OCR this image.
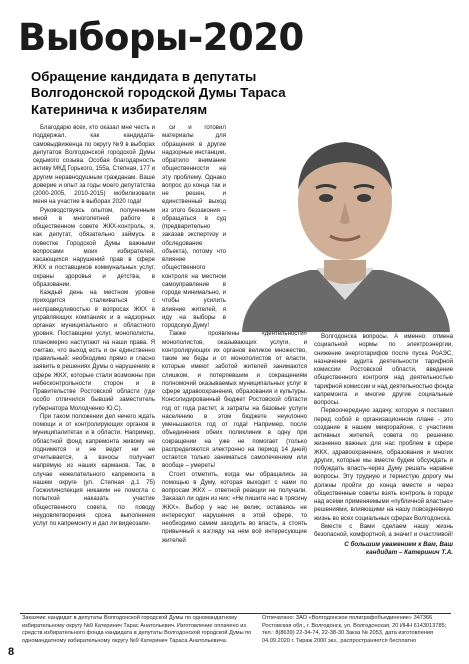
Выборы-2020
Обращение кандидата в депутаты Волгодонской городской Думы Тараса Катеринича к избирателям

Благодарю всех, кто оказал мне честь и поддержал, как кандидата-самовыдвиженца по округу №9 в выборах депутатов Волгодонской городской Думы седьмого созыва. Особая благодарность активу МКД Горького, 155а, Степная, 177 и другим неравнодушным гражданам. Ваше доверие и опыт за годы моего депутатства (2000-2005, 2010-2015) мобилизовали меня на участие в выборах 2020 года!

Руководствуясь опытом, полученным мной в многолетней работе в общественном совете ЖКХ-контроль, я, как депутат, обязательно займусь в повестке Городской Думы важными вопросами моих избирателей, касающихся нарушений прав в сфере ЖКХ и поставщиков коммунальных услуг, охраны здоровья и детства, в образовании.

Каждый день на местном уровне приходится сталкиваться с несправедливостью в вопросах ЖКХ в управляющих компаниях и в надзорных органах муниципального и областного уровня. Поставщики услуг, монополисты, планомерно наступают на наши права. Я считаю, что выход есть и он единственно правильный: необходимо прямо и гласно заявить в решениях Думы о нарушениях в сфере ЖКХ, которые стали возможны при небесконтрольности сторон и в Правительстве Ростовской области (где особо отличился бывший заместитель губернатора Молодченко Ю.С).

При таком положении дел нечего ждать помощи и от контролирующих органов в муниципалитетах и в области. Например, областной фонд капремонта живому не поднимется и не ведет ни не отчитывается, а взносы получает напрямую из наших карманов. Так, в случае нежелательного капремонта в нашем округе (ул. Степная д.1 75) Госжилинспекция никаким не помогла с попыткой наказать участие общественного совета, по поводу неудовлетворения срока выполнения услуг по капремонту и дал ли видеозапи-

си и готовил материалы для обращения в другие надзорные инстанции, обратило внимание общественности на эту проблему. Однако вопрос до конца так и не решен, и единственный выход из этого беззакония – обращаться в суд (предварительно заказав экспертизу и обследование объекта), потому что влияние общественного контроля на местном самоуправление в городе минимально, и чтобы усилить влияние жителей, я иду на выборы в городскую Думу!

Также проявлены «деятельности» монополистов, оказывающих услуги, и контролирующих их органов великое множество, такие же беды и от монополистов от власти, которые имеют заботой жителей занимаются слишком, и потерпевшим и сокращениям полномочий оказываемых муниципальных услуг в сфере здравоохранения, образования и культуры. Консолидированный бюджет Ростовской области год от года растет, а затраты на базовые услуги населению в этом бюджете неуклонно уменьшаются год от года! Например, после объединения обеих поликлиник в одну при сокращении на уже не помогает (только распределяются электронно на период 14 дней) остается только заниматься самолечением или вообще – умереть!

Стоит отметить, когда мы обращались за помощью в Думу, которая выходит с нами по вопросам ЖКХ – ответной реакции не получали. Заказал ли один из них: «Не пишите нас в трясину ЖКХ». Выбор у нас не велик, оставаясь не интересуют нарушения в этой сфере, то необходимо самим заходить во власть, а стоять привычный к взгляду на нем всё интересующие жителей

Волгодонска вопросы. А именно: отмена социальной нормы по электроэнергии, снижение энерготарифов после пуска РоАЭС, назначение аудита деятельности тарифной комиссии Ростовской области, введение общественного контроля над деятельностью тарифной комиссии и над деятельностью фонда капремонта и многие другие социальные вопросы.

Первоочередную задачу, которую я поставил перед собой в организационном плане - это создание в нашем микрорайоне, с участием активных жителей, совета по решению жизненно важных для нас проблем в сфере ЖКХ, здравоохранения, образования и многих других, которые мы вместе будем обсуждать и побуждать власть-через Думу решать наравне вопросы. Эту трудную и тернистую дорогу мы должны пройти до конца вместе и через общественные советы взять контроль в городе над всеми применяемыми «публичной властью» решениями, влияющими на нашу повседневную жизнь во всех социальных сферах Волгодонска.

Вместе с Вами сделаем нашу жизнь безопасной, комфортной, а значит и счастливой!

С большим уважением к Вам, Ваш кандидат – Катеринич Т.А.
Заказчик: кандидат в депутаты Волгодонской городской Думы по одномандатному избирательному округу №9 Катеринич Тарас Анатольевич. Изготовление оплачено из средств избирательного фонда кандидата в депутаты Волгодонской городской Думы по одномандатному избирательному округу №9 Катеринич Тараса Анатольевича.
Отпечатано: ЗАО «Волгодонское полиграфобъединение» 347366 Ростовская обл., г. Волгодонск, ул. Волгодонская, 20 ИНН 6143013785; тел.: 8(8639) 22-34-74, 22-38-30 Заказ № 2053, дата изготовления 04.09.2020 г. Тираж 2000 экз., распространяется бесплатно
8
